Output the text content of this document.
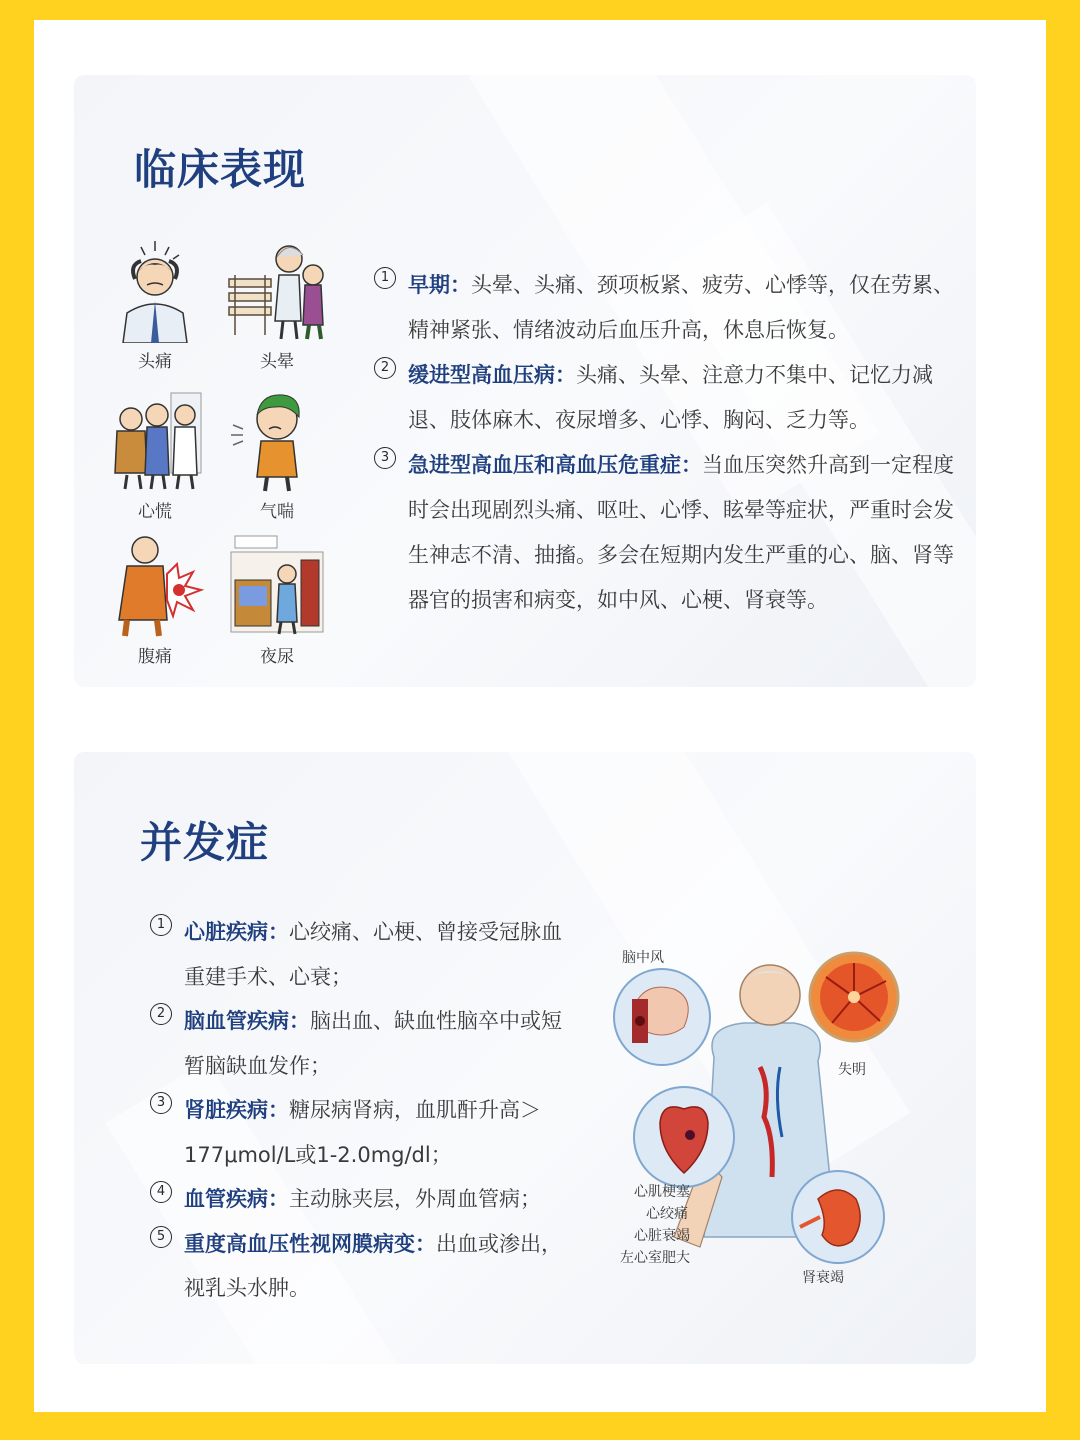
临床表现
头痛	头晕
心慌	气喘
腹痛	夜尿
1 早期：头晕、头痛、颈项板紧、疲劳、心悸等，仅在劳累、精神紧张、情绪波动后血压升高，休息后恢复。
2 缓进型高血压病：头痛、头晕、注意力不集中、记忆力减退、肢体麻木、夜尿增多、心悸、胸闷、乏力等。
3 急进型高血压和高血压危重症：当血压突然升高到一定程度时会出现剧烈头痛、呕吐、心悸、眩晕等症状，严重时会发生神志不清、抽搐。多会在短期内发生严重的心、脑、肾等器官的损害和病变，如中风、心梗、肾衰等。
并发症
1 心脏疾病：心绞痛、心梗、曾接受冠脉血重建手术、心衰；
2 脑血管疾病：脑出血、缺血性脑卒中或短暂脑缺血发作；
3 肾脏疾病：糖尿病肾病，血肌酐升高＞177μmol/L或1-2.0mg/dl；
4 血管疾病：主动脉夹层，外周血管病；
5 重度高血压性视网膜病变：出血或渗出，视乳头水肿。
脑中风
失明
心肌梗塞
心绞痛
心脏衰竭
左心室肥大
肾衰竭
